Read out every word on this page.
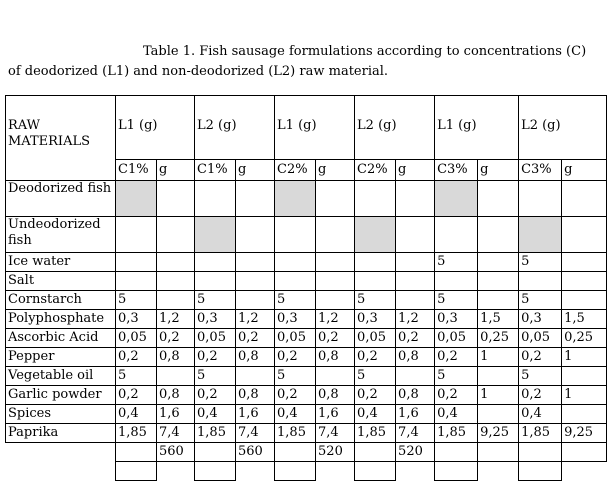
Table 1. Fish sausage formulations according to concentrations (C)
of deodorized (L1) and non-deodorized (L2) raw material.
RAW MATERIALS	L1 (g)		L2 (g)		L1 (g)		L2 (g)		L1 (g)		L2 (g)	
	C1%	g	C1%	g	C2%	g	C2%	g	C3%	g	C3%	g
Deodorized fish												
Undeodorized fish												
Ice water									5		5	
Salt												
Cornstarch	5		5		5		5		5		5	
Polyphosphate	0,3	1,2	0,3	1,2	0,3	1,2	0,3	1,2	0,3	1,5	0,3	1,5
Ascorbic Acid	0,05	0,2	0,05	0,2	0,05	0,2	0,05	0,2	0,05	0,25	0,05	0,25
Pepper	0,2	0,8	0,2	0,8	0,2	0,8	0,2	0,8	0,2	1	0,2	1
Vegetable oil	5		5		5		5		5		5	
Garlic powder	0,2	0,8	0,2	0,8	0,2	0,8	0,2	0,8	0,2	1	0,2	1
Spices	0,4	1,6	0,4	1,6	0,4	1,6	0,4	1,6	0,4		0,4	
Paprika	1,85	7,4	1,85	7,4	1,85	7,4	1,85	7,4	1,85	9,25	1,85	9,25
		560		560		520		520				
